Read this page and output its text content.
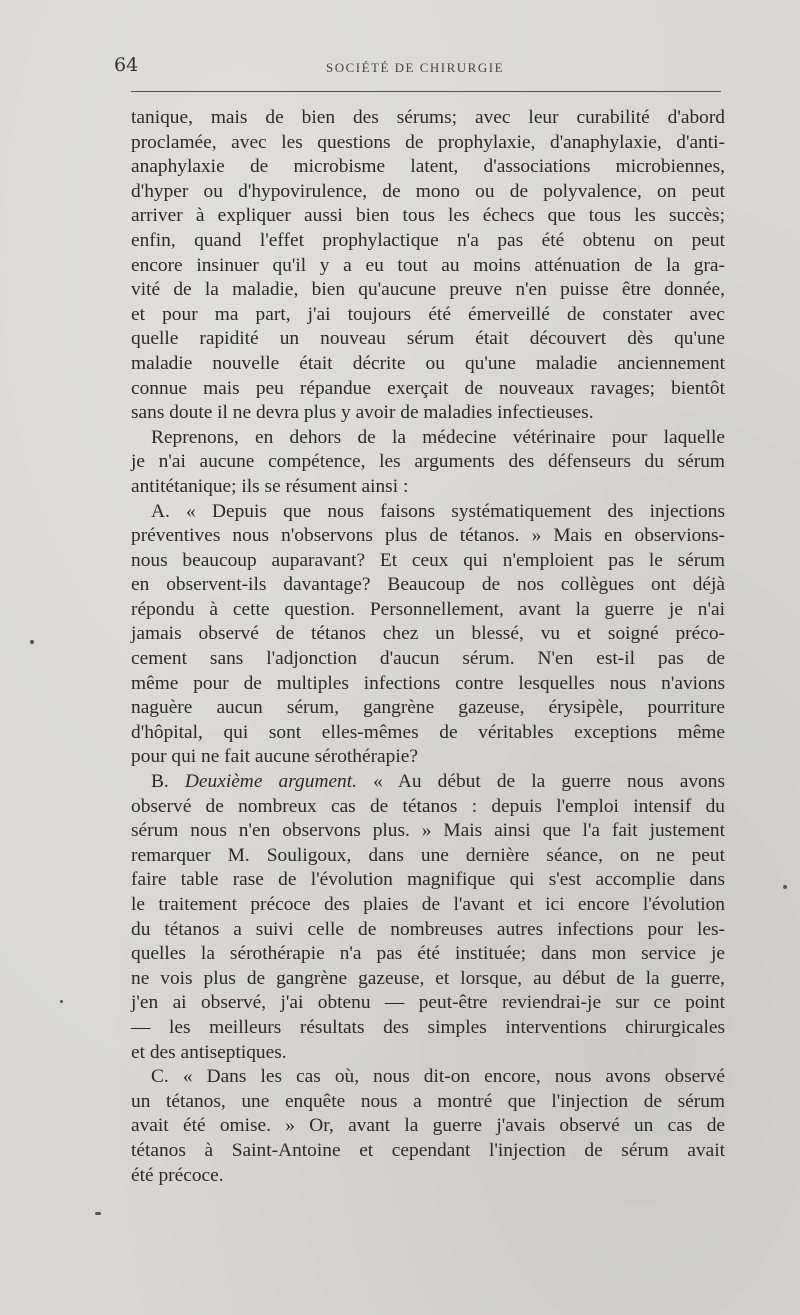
64	SOCIÉTÉ DE CHIRURGIE
tanique, mais de bien des sérums; avec leur curabilité d'abord
proclamée, avec les questions de prophylaxie, d'anaphylaxie, d'anti-
anaphylaxie de microbisme latent, d'associations microbiennes,
d'hyper ou d'hypovirulence, de mono ou de polyvalence, on peut
arriver à expliquer aussi bien tous les échecs que tous les succès;
enfin, quand l'effet prophylactique n'a pas été obtenu on peut
encore insinuer qu'il y a eu tout au moins atténuation de la gra-
vité de la maladie, bien qu'aucune preuve n'en puisse être donnée,
et pour ma part, j'ai toujours été émerveillé de constater avec
quelle rapidité un nouveau sérum était découvert dès qu'une
maladie nouvelle était décrite ou qu'une maladie anciennement
connue mais peu répandue exerçait de nouveaux ravages; bientôt
sans doute il ne devra plus y avoir de maladies infectieuses.
Reprenons, en dehors de la médecine vétérinaire pour laquelle
je n'ai aucune compétence, les arguments des défenseurs du sérum
antitétanique; ils se résument ainsi :
A. « Depuis que nous faisons systématiquement des injections
préventives nous n'observons plus de tétanos. » Mais en observions-
nous beaucoup auparavant? Et ceux qui n'emploient pas le sérum
en observent-ils davantage? Beaucoup de nos collègues ont déjà
répondu à cette question. Personnellement, avant la guerre je n'ai
jamais observé de tétanos chez un blessé, vu et soigné préco-
cement sans l'adjonction d'aucun sérum. N'en est-il pas de
même pour de multiples infections contre lesquelles nous n'avions
naguère aucun sérum, gangrène gazeuse, érysipèle, pourriture
d'hôpital, qui sont elles-mêmes de véritables exceptions même
pour qui ne fait aucune sérothérapie?
B. Deuxième argument. « Au début de la guerre nous avons
observé de nombreux cas de tétanos : depuis l'emploi intensif du
sérum nous n'en observons plus. » Mais ainsi que l'a fait justement
remarquer M. Souligoux, dans une dernière séance, on ne peut
faire table rase de l'évolution magnifique qui s'est accomplie dans
le traitement précoce des plaies de l'avant et ici encore l'évolution
du tétanos a suivi celle de nombreuses autres infections pour les-
quelles la sérothérapie n'a pas été instituée; dans mon service je
ne vois plus de gangrène gazeuse, et lorsque, au début de la guerre,
j'en ai observé, j'ai obtenu — peut-être reviendrai-je sur ce point
— les meilleurs résultats des simples interventions chirurgicales
et des antiseptiques.
C. « Dans les cas où, nous dit-on encore, nous avons observé
un tétanos, une enquête nous a montré que l'injection de sérum
avait été omise. » Or, avant la guerre j'avais observé un cas de
tétanos à Saint-Antoine et cependant l'injection de sérum avait
été précoce.
